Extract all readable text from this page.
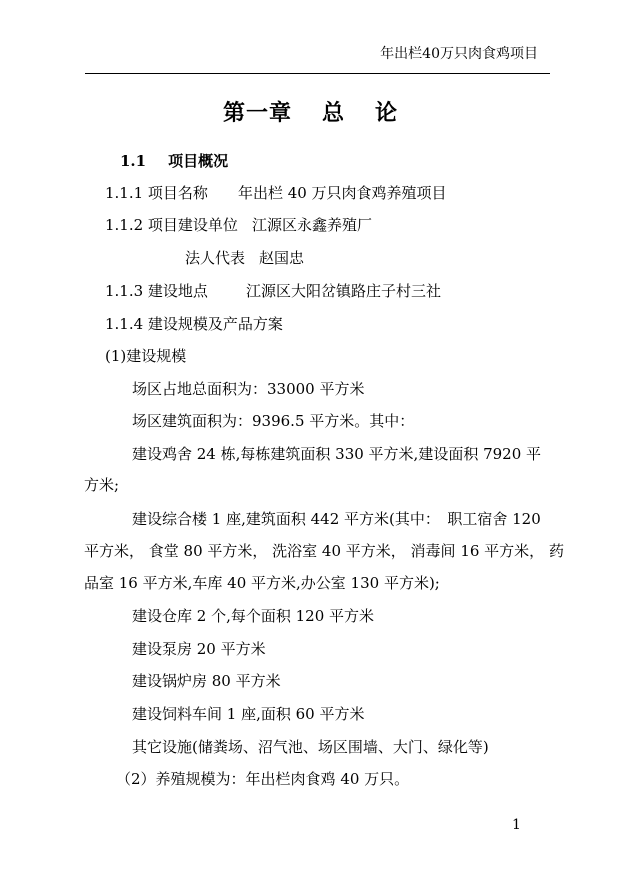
年出栏40万只肉食鸡项目
第一章 总 论
1.1 项目概况
1.1.1 项目名称 年出栏 40 万只肉食鸡养殖项目
1.1.2 项目建设单位 江源区永鑫养殖厂
法人代表 赵国忠
1.1.3 建设地点	江源区大阳岔镇路庄子村三社
1.1.4 建设规模及产品方案
(1)建设规模
场区占地总面积为：33000 平方米
场区建筑面积为：9396.5 平方米。其中：
建设鸡舍 24 栋,每栋建筑面积 330 平方米,建设面积 7920 平
方米;
建设综合楼 1 座,建筑面积 442 平方米(其中：　职工宿舍 120
平方米， 食堂 80 平方米， 洗浴室 40 平方米， 消毒间 16 平方米， 药
品室 16 平方米,车库 40 平方米,办公室 130 平方米);
建设仓库 2 个,每个面积 120 平方米
建设泵房 20 平方米
建设锅炉房 80 平方米
建设饲料车间 1 座,面积 60 平方米
其它设施(储粪场、沼气池、场区围墙、大门、绿化等)
（2）养殖规模为：年出栏肉食鸡 40 万只。
1
